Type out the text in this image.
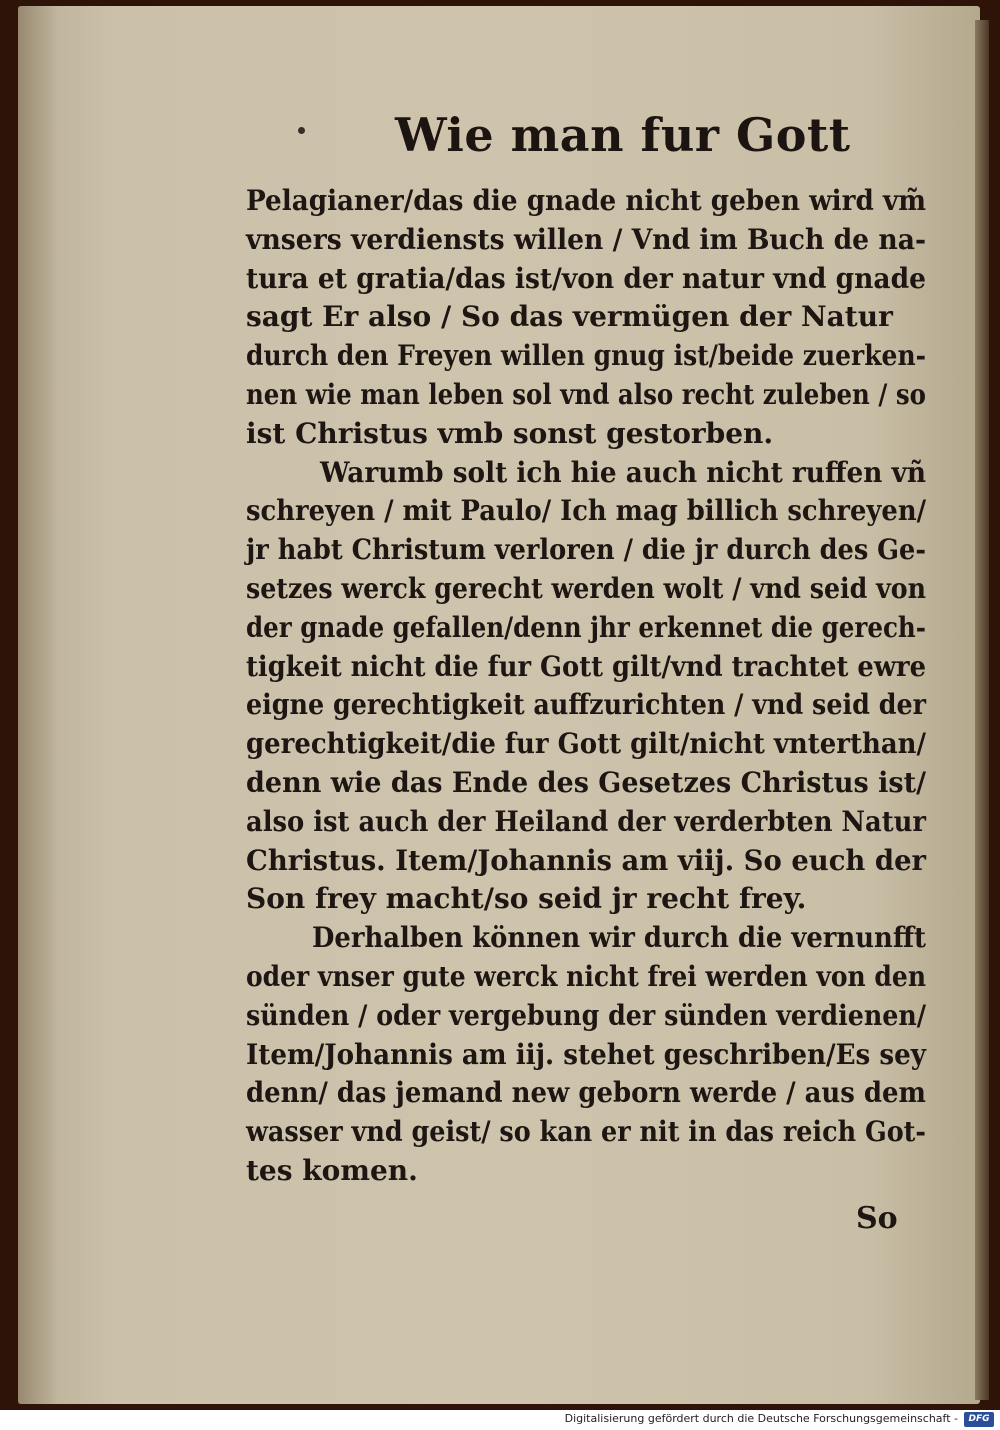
Wie man fur Gott
Pelagianer/das die gnade nicht geben wird vm̃
vnsers verdiensts willen / Vnd im Buch de na-
tura et gratia/das ist/von der natur vnd gnade
sagt Er also / So das vermügen der Natur
durch den Freyen willen gnug ist/beide zuerken-
nen wie man leben sol vnd also recht zuleben / so
ist Christus vmb sonst gestorben.
Warumb solt ich hie auch nicht ruffen vñ
schreyen / mit Paulo/ Ich mag billich schreyen/
jr habt Christum verloren / die jr durch des Ge-
setzes werck gerecht werden wolt / vnd seid von
der gnade gefallen/denn jhr erkennet die gerech-
tigkeit nicht die fur Gott gilt/vnd trachtet ewre
eigne gerechtigkeit auffzurichten / vnd seid der
gerechtigkeit/die fur Gott gilt/nicht vnterthan/
denn wie das Ende des Gesetzes Christus ist/
also ist auch der Heiland der verderbten Natur
Christus. Item/Johannis am viij. So euch der
Son frey macht/so seid jr recht frey.
Derhalben können wir durch die vernunfft
oder vnser gute werck nicht frei werden von den
sünden / oder vergebung der sünden verdienen/
Item/Johannis am iij. stehet geschriben/Es sey
denn/ das jemand new geborn werde / aus dem
wasser vnd geist/ so kan er nit in das reich Got-
tes komen.
So
Digitalisierung gefördert durch die Deutsche Forschungsgemeinschaft -	DFG
